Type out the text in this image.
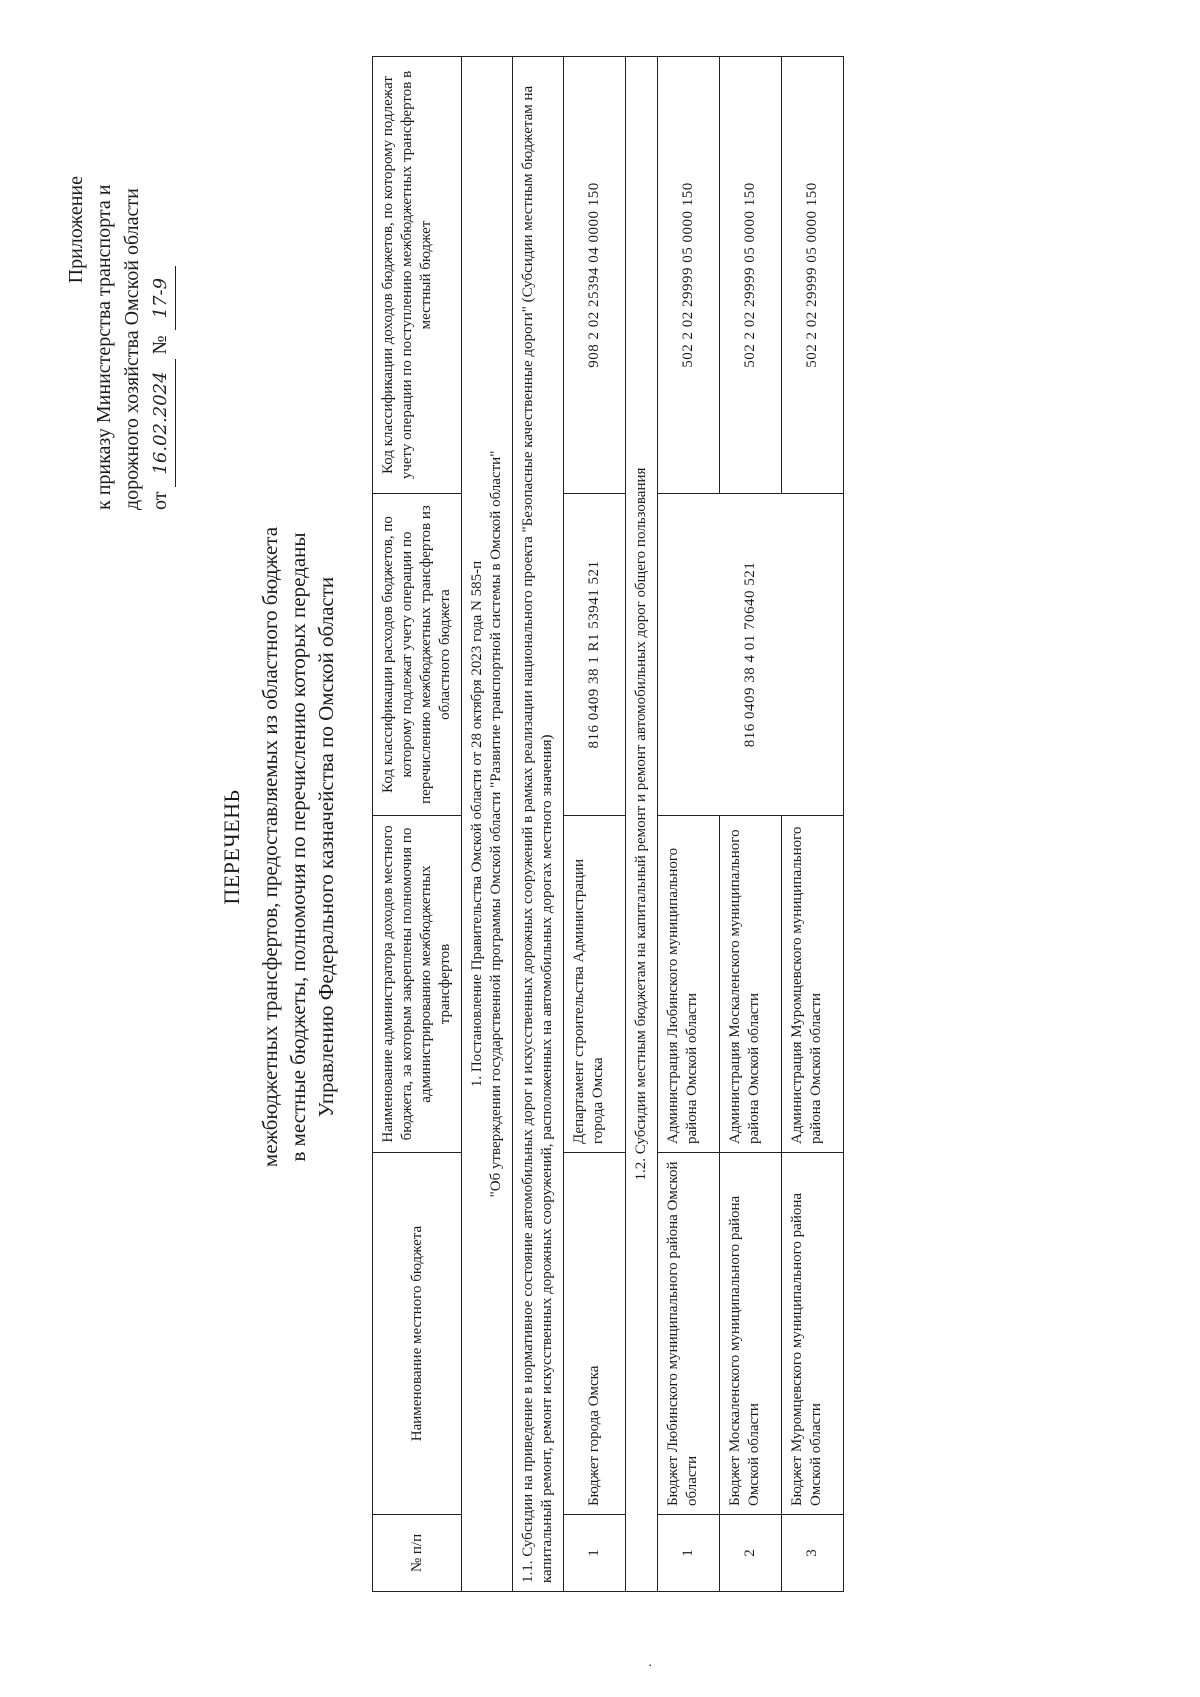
Приложение к приказу Министерства транспорта и дорожного хозяйства Омской области от 16.02.2024 № 17-9
ПЕРЕЧЕНЬ межбюджетных трансфертов, предоставляемых из областного бюджета в местные бюджеты, полномочия по перечислению которых переданы Управлению Федерального казначейства по Омской области
.
№ п/п	Наименование местного бюджета	Наименование администратора доходов местного бюджета, за которым закреплены полномочия по администрированию межбюджетных трансфертов	Код классификации расходов бюджетов, по которому подлежат учету операции по перечислению межбюджетных трансфертов из областного бюджета	Код классификации доходов бюджетов, по которому подлежат учету операции по поступлению межбюджетных трансфертов в местный бюджет

1. Постановление Правительства Омской области от 28 октября 2023 года N 585-п "Об утверждении государственной программы Омской области "Развитие транспортной системы в Омской области"				

1.1. Субсидии на приведение в нормативное состояние автомобильных дорог и искусственных дорожных сооружений в рамках реализации национального проекта "Безопасные качественные дороги" (Субсидии местным бюджетам на капитальный ремонт, ремонт искусственных дорожных сооружений, расположенных на автомобильных дорогах местного значения)				
1	Бюджет города Омска	Департамент строительства Администрации города Омска	816 0409 38 1 R1 53941 521	908 2 02 25394 04 0000 150
1.2. Субсидии местным бюджетам на капитальный ремонт и ремонт автомобильных дорог общего пользования				
1	Бюджет Любинского муниципального района Омской области	Администрация Любинского муниципального района Омской области	816 0409 38 4 01 70640 521	502 2 02 29999 05 0000 150
2	Бюджет Москаленского муниципального района Омской области	Администрация Москаленского муниципального района Омской области		502 2 02 29999 05 0000 150
3	Бюджет Муромцевского муниципального района Омской области	Администрация Муромцевского муниципального района Омской области		502 2 02 29999 05 0000 150
